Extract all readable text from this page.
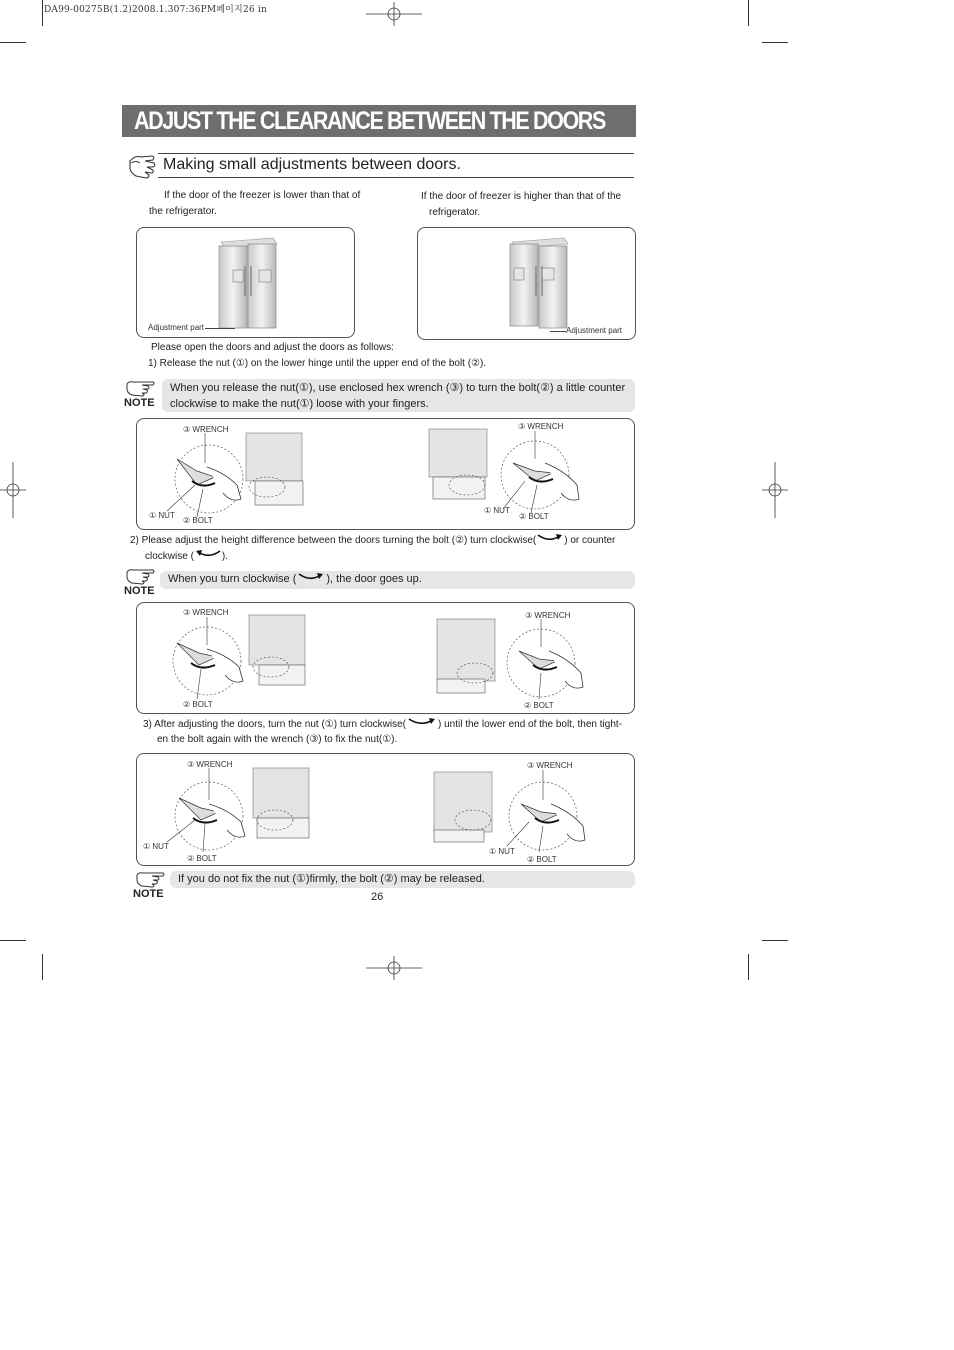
DA99-00275B(1.2)2008.1.307:36PM페이지26 in
ADJUST THE CLEARANCE BETWEEN THE DOORS
Making small adjustments between doors.
If the door of the freezer is lower than that of
the refrigerator.
If the door of freezer is higher than that of the
refrigerator.
Adjustment part	Adjustment part
Please open the doors and adjust the doors as follows:
1) Release the nut (①) on the lower hinge until the upper end of the bolt (②).
NOTE
When you release the nut(①), use enclosed hex wrench (③) to turn the bolt(②) a little counter
clockwise to make the nut(①) loose with your fingers.
③ WRENCH
① NUT
② BOLT
③ WRENCH
① NUT
② BOLT
2) Please adjust the height difference between the doors turning the bolt (②) turn clockwise(	) or counter
clockwise (	).
NOTE
When you turn clockwise (	), the door goes up.
③ WRENCH
② BOLT
③ WRENCH
② BOLT
3) After adjusting the doors, turn the nut (①) turn clockwise(	) until the lower end of the bolt, then tight-
en the bolt again with the wrench (③) to fix the nut(①).
③ WRENCH
① NUT
② BOLT
③ WRENCH
① NUT
② BOLT
NOTE
If you do not fix the nut (①)firmly, the bolt (②) may be released.
26
